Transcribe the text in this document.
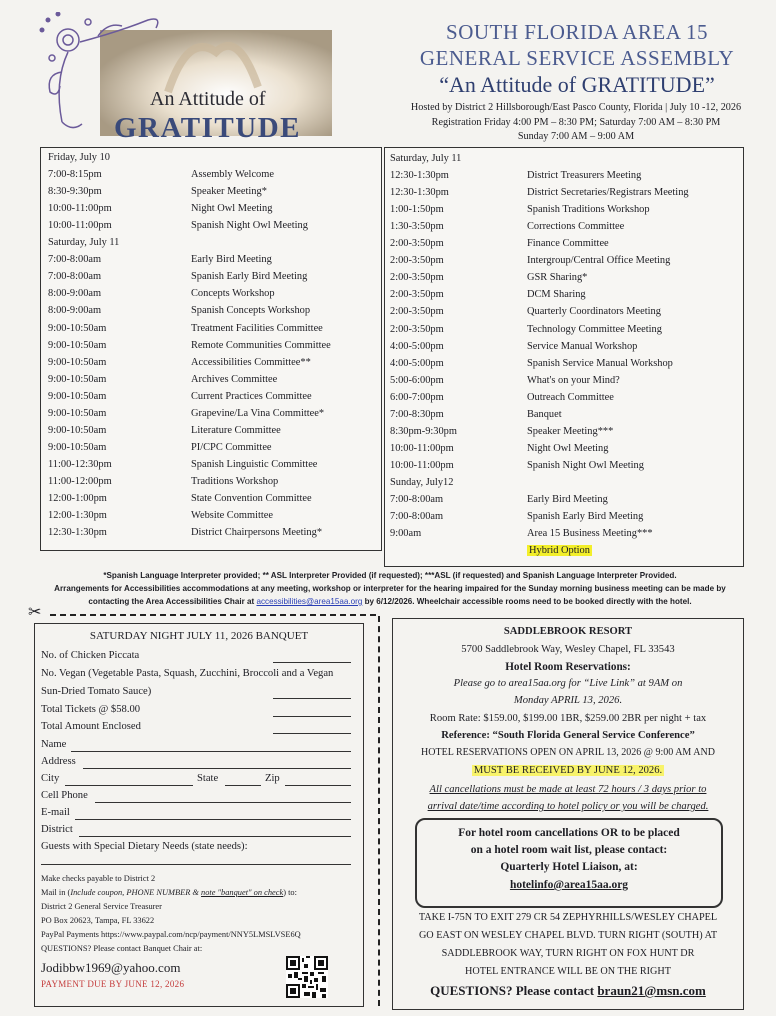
An Attitude of
GRATITUDE
SOUTH FLORIDA AREA 15
GENERAL SERVICE ASSEMBLY
“An Attitude of GRATITUDE”
Hosted by District 2 Hillsborough/East Pasco County, Florida | July 10 -12, 2026
Registration Friday 4:00 PM – 8:30 PM; Saturday 7:00 AM – 8:30 PM
Sunday 7:00 AM – 9:00 AM
Friday, July 10
7:00-8:15pm	Assembly Welcome
8:30-9:30pm	Speaker Meeting*
10:00-11:00pm	Night Owl Meeting
10:00-11:00pm	Spanish Night Owl Meeting
Saturday, July 11
7:00-8:00am	Early Bird Meeting
7:00-8:00am	Spanish Early Bird Meeting
8:00-9:00am	Concepts Workshop
8:00-9:00am	Spanish Concepts Workshop
9:00-10:50am	Treatment Facilities Committee
9:00-10:50am	Remote Communities Committee
9:00-10:50am	Accessibilities Committee**
9:00-10:50am	Archives Committee
9:00-10:50am	Current Practices Committee
9:00-10:50am	Grapevine/La Vina Committee*
9:00-10:50am	Literature Committee
9:00-10:50am	PI/CPC Committee
11:00-12:30pm	Spanish Linguistic Committee
11:00-12:00pm	Traditions Workshop
12:00-1:00pm	State Convention Committee
12:00-1:30pm	Website Committee
12:30-1:30pm	District Chairpersons Meeting*
Saturday, July 11
12:30-1:30pm	District Treasurers Meeting
12:30-1:30pm	District Secretaries/Registrars Meeting
1:00-1:50pm	Spanish Traditions Workshop
1:30-3:50pm	Corrections Committee
2:00-3:50pm	Finance Committee
2:00-3:50pm	Intergroup/Central Office Meeting
2:00-3:50pm	GSR Sharing*
2:00-3:50pm	DCM Sharing
2:00-3:50pm	Quarterly Coordinators Meeting
2:00-3:50pm	Technology Committee Meeting
4:00-5:00pm	Service Manual Workshop
4:00-5:00pm	Spanish Service Manual Workshop
5:00-6:00pm	What's on your Mind?
6:00-7:00pm	Outreach Committee
7:00-8:30pm	Banquet
8:30pm-9:30pm	Speaker Meeting***
10:00-11:00pm	Night Owl Meeting
10:00-11:00pm	Spanish Night Owl Meeting
Sunday, July12
7:00-8:00am	Early Bird Meeting
7:00-8:00am	Spanish Early Bird Meeting
9:00am	Area 15 Business Meeting***
Hybrid Option
*Spanish Language Interpreter provided; ** ASL Interpreter Provided (if requested); ***ASL (if requested) and Spanish Language Interpreter Provided.
Arrangements for Accessibilities accommodations at any meeting, workshop or interpreter for the hearing impaired for the Sunday morning business meeting can be made by
contacting the Area Accessibilities Chair at accessibilities@area15aa.org by 6/12/2026. Wheelchair accessible rooms need to be booked directly with the hotel.
✂
SATURDAY NIGHT JULY 11, 2026 BANQUET
No. of Chicken Piccata
No. Vegan (Vegetable Pasta, Squash, Zucchini, Broccoli and a Vegan
Sun-Dried Tomato Sauce)
Total Tickets @ $58.00
Total Amount Enclosed
Name
Address
City	State	Zip
Cell Phone
E-mail
District
Guests with Special Dietary Needs (state needs):
Make checks payable to District 2
Mail in (Include coupon, PHONE NUMBER & note "banquet" on check) to:
District 2 General Service Treasurer
PO Box 20623, Tampa, FL 33622
PayPal Payments https://www.paypal.com/ncp/payment/NNY5LMSLVSE6Q
QUESTIONS? Please contact Banquet Chair at:
Jodibbw1969@yahoo.com
PAYMENT DUE BY JUNE 12, 2026
SADDLEBROOK RESORT
5700 Saddlebrook Way, Wesley Chapel, FL 33543
Hotel Room Reservations:
Please go to area15aa.org for “Live Link” at 9AM on
Monday APRIL 13, 2026.
Room Rate: $159.00, $199.00 1BR, $259.00 2BR per night + tax
Reference: “South Florida General Service Conference”
HOTEL RESERVATIONS OPEN ON APRIL 13, 2026 @ 9:00 AM AND
MUST BE RECEIVED BY JUNE 12, 2026.
All cancellations must be made at least 72 hours / 3 days prior to
arrival date/time according to hotel policy or you will be charged.
For hotel room cancellations OR to be placed
on a hotel room wait list, please contact:
Quarterly Hotel Liaison, at:
hotelinfo@area15aa.org
TAKE I-75N TO EXIT 279 CR 54 ZEPHYRHILLS/WESLEY CHAPEL
GO EAST ON WESLEY CHAPEL BLVD. TURN RIGHT (SOUTH) AT
SADDLEBROOK WAY, TURN RIGHT ON FOX HUNT DR
HOTEL ENTRANCE WILL BE ON THE RIGHT
QUESTIONS? Please contact braun21@msn.com
